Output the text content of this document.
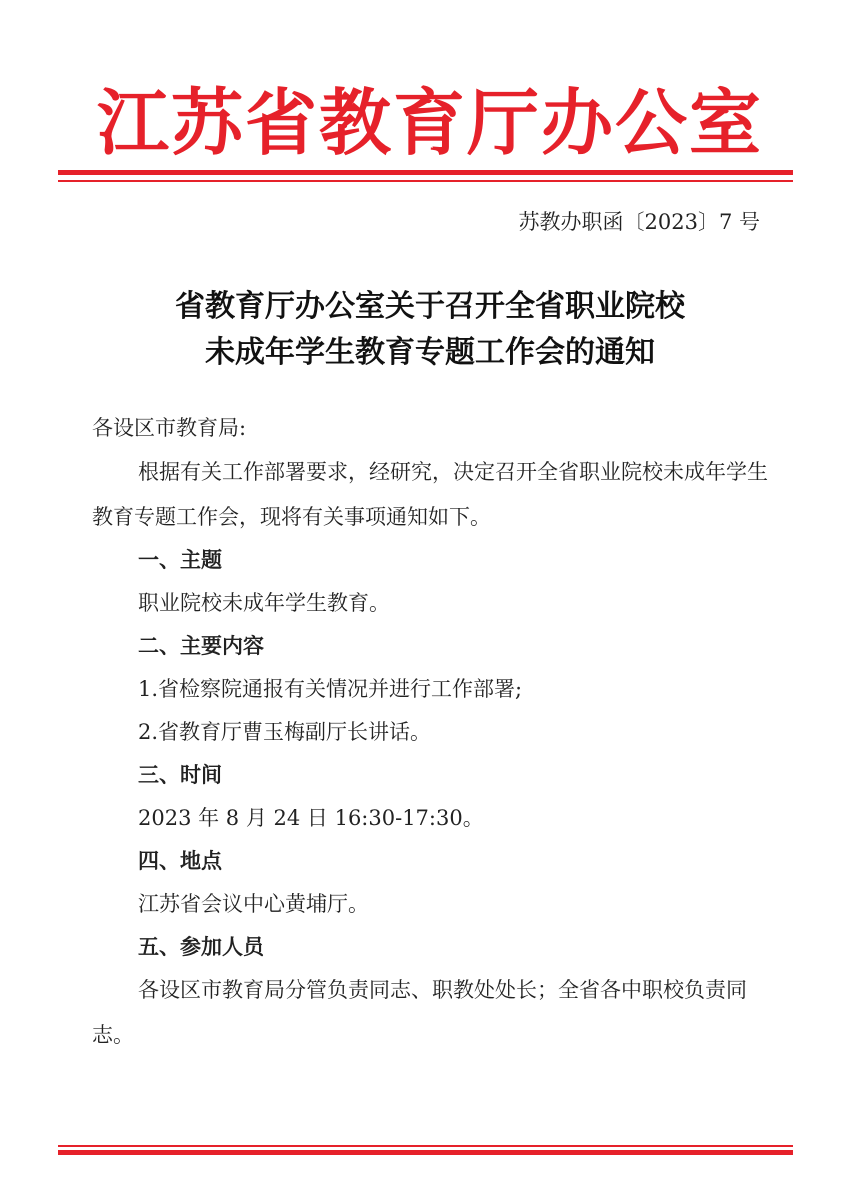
江苏省教育厅办公室
苏教办职函〔2023〕7 号
省教育厅办公室关于召开全省职业院校
未成年学生教育专题工作会的通知
各设区市教育局:
根据有关工作部署要求，经研究，决定召开全省职业院校未成年学生教育专题工作会，现将有关事项通知如下。
一、主题
职业院校未成年学生教育。
二、主要内容
1.省检察院通报有关情况并进行工作部署;
2.省教育厅曹玉梅副厅长讲话。
三、时间
2023 年 8 月 24 日 16:30-17:30。
四、地点
江苏省会议中心黄埔厅。
五、参加人员
各设区市教育局分管负责同志、职教处处长；全省各中职校负责同志。
